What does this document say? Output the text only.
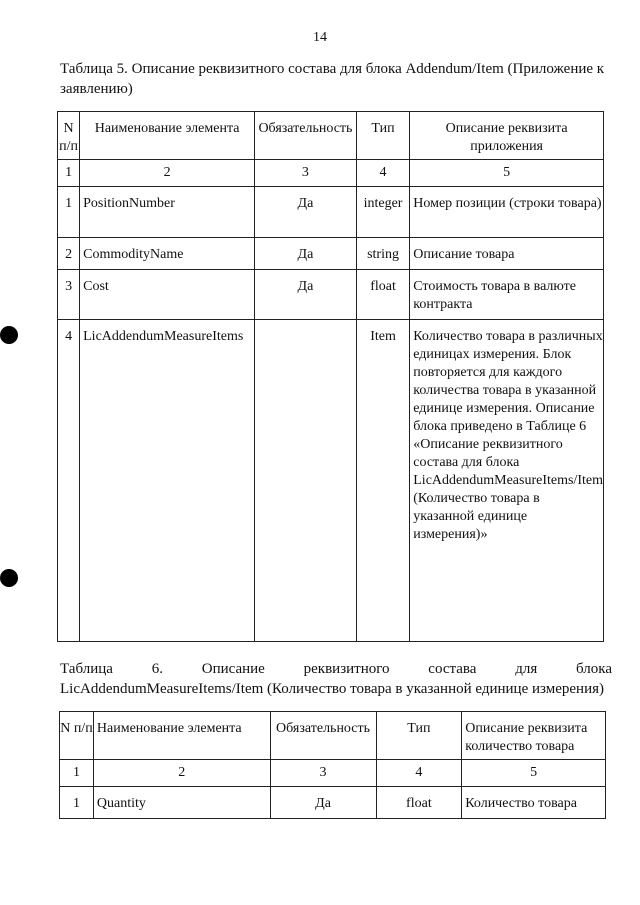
14
Таблица 5. Описание реквизитного состава для блока Addendum/Item (Приложение к заявлению)
N п/п	Наименование элемента	Обязательность	Тип	Описание реквизита приложения
1	2	3	4	5
1	PositionNumber	Да	integer	Номер позиции (строки товара)
2	CommodityName	Да	string	Описание товара
3	Cost	Да	float	Стоимость товара в валюте контракта
4	LicAddendumMeasureItems		Item	Количество товара в различных единицах измерения. Блок повторяется для каждого количества товара в указанной единице измерения. Описание блока приведено в Таблице 6 «Описание реквизитного состава для блока LicAddendumMeasurеItems/Item (Количество товара в указанной единице измерения)»
Таблица 6. Описание реквизитного состава для блока
LicAddendumMeasureItems/Item (Количество товара в указанной единице измерения)
N п/п	Наименование элемента	Обязательность	Тип	Описание реквизита количество товара
1	2	3	4	5
1	Quantity	Да	float	Количество товара
